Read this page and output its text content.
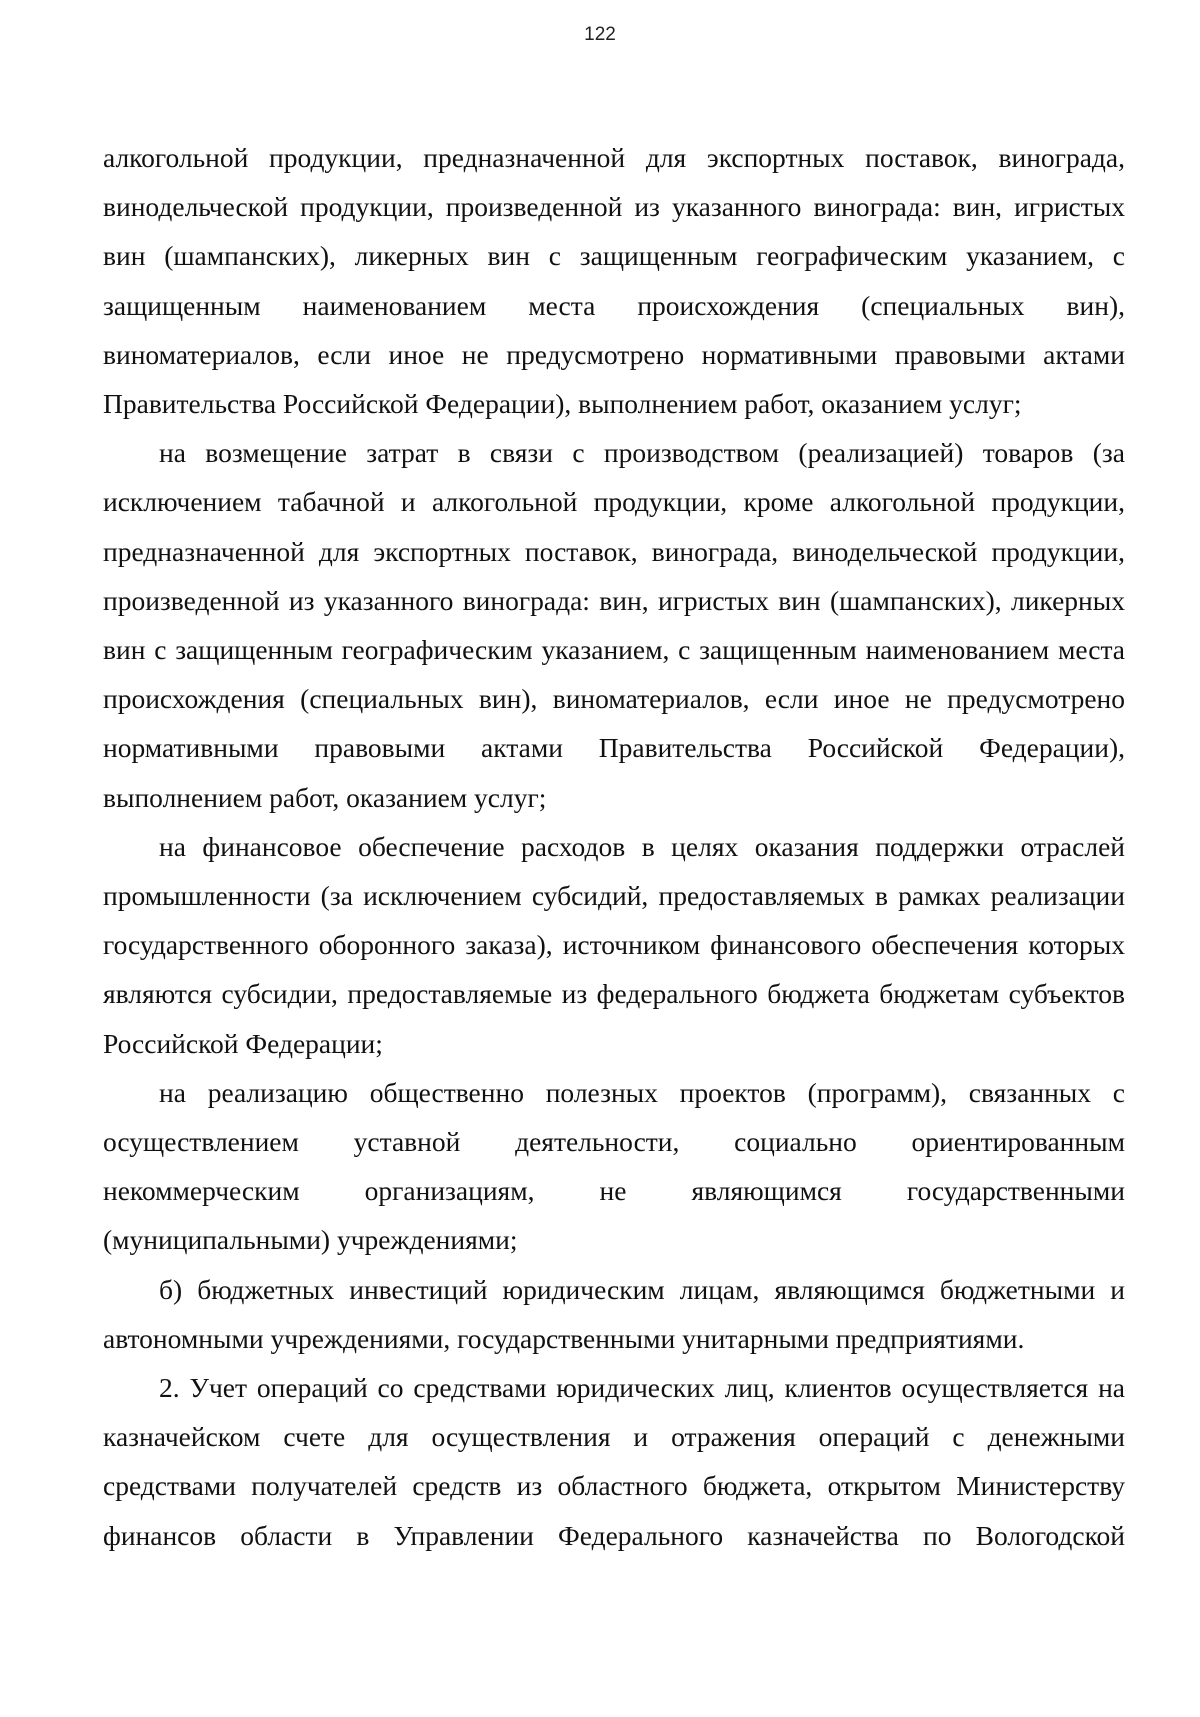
122

алкогольной продукции, предназначенной для экспортных поставок, винограда, винодельческой продукции, произведенной из указанного винограда: вин, игристых вин (шампанских), ликерных вин с защищенным географическим указанием, с защищенным наименованием места происхождения (специальных вин), виноматериалов, если иное не предусмотрено нормативными правовыми актами Правительства Российской Федерации), выполнением работ, оказанием услуг;

на возмещение затрат в связи с производством (реализацией) товаров (за исключением табачной и алкогольной продукции, кроме алкогольной продукции, предназначенной для экспортных поставок, винограда, винодельческой продукции, произведенной из указанного винограда: вин, игристых вин (шампанских), ликерных вин с защищенным географическим указанием, с защищенным наименованием места происхождения (специальных вин), виноматериалов, если иное не предусмотрено нормативными правовыми актами Правительства Российской Федерации), выполнением работ, оказанием услуг;

на финансовое обеспечение расходов в целях оказания поддержки отраслей промышленности (за исключением субсидий, предоставляемых в рамках реализации государственного оборонного заказа), источником финансового обеспечения которых являются субсидии, предоставляемые из федерального бюджета бюджетам субъектов Российской Федерации;

на реализацию общественно полезных проектов (программ), связанных с осуществлением уставной деятельности, социально ориентированным некоммерческим организациям, не являющимся государственными (муниципальными) учреждениями;

б) бюджетных инвестиций юридическим лицам, являющимся бюджетными и автономными учреждениями, государственными унитарными предприятиями.

2. Учет операций со средствами юридических лиц, клиентов осуществляется на казначейском счете для осуществления и отражения операций с денежными средствами получателей средств из областного бюджета, открытом Министерству финансов области в Управлении Федерального казначейства по Вологодской
